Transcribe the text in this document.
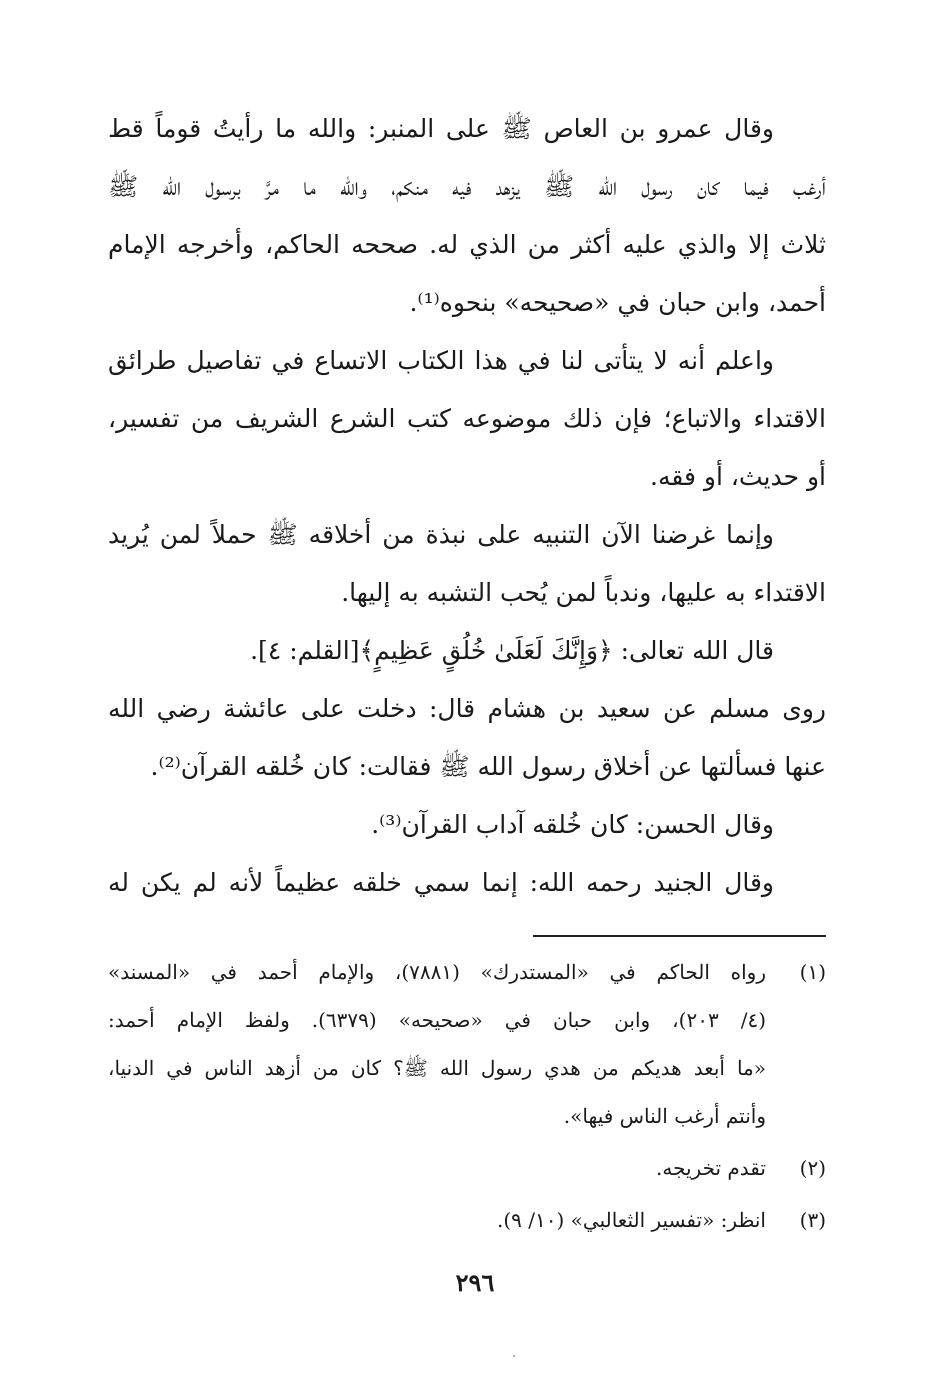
وقال عمرو بن العاص ﷺ على المنبر: والله ما رأيتُ قوماً قط
أرغب فيما كان رسول الله ﷺ يزهد فيه منكم، والله ما مرَّ برسول الله ﷺ
ثلاث إلا والذي عليه أكثر من الذي له. صححه الحاكم، وأخرجه الإمام
أحمد، وابن حبان في «صحيحه» بنحوه⁽¹⁾.
واعلم أنه لا يتأتى لنا في هذا الكتاب الاتساع في تفاصيل طرائق
الاقتداء والاتباع؛ فإن ذلك موضوعه كتب الشرع الشريف من تفسير،
أو حديث، أو فقه.
وإنما غرضنا الآن التنبيه على نبذة من أخلاقه ﷺ حملاً لمن يُريد
الاقتداء به عليها، وندباً لمن يُحب التشبه به إليها.
قال الله تعالى: ﴿وَإِنَّكَ لَعَلَىٰ خُلُقٍ عَظِيمٍ﴾[القلم: ٤].
روى مسلم عن سعيد بن هشام قال: دخلت على عائشة رضي الله
عنها فسألتها عن أخلاق رسول الله ﷺ فقالت: كان خُلقه القرآن⁽²⁾.
وقال الحسن: كان خُلقه آداب القرآن⁽³⁾.
وقال الجنيد رحمه الله: إنما سمي خلقه عظيماً لأنه لم يكن له
(١)
رواه الحاكم في «المستدرك» (٧٨٨١)، والإمام أحمد في «المسند»
(٤/ ٢٠٣)، وابن حبان في «صحيحه» (٦٣٧٩). ولفظ الإمام أحمد:
«ما أبعد هديكم من هدي رسول الله ﷺ؟ كان من أزهد الناس في الدنيا،
وأنتم أرغب الناس فيها».
(٢)
تقدم تخريجه.
(٣)
انظر: «تفسير الثعالبي» (١٠/ ٩).
٢٩٦
